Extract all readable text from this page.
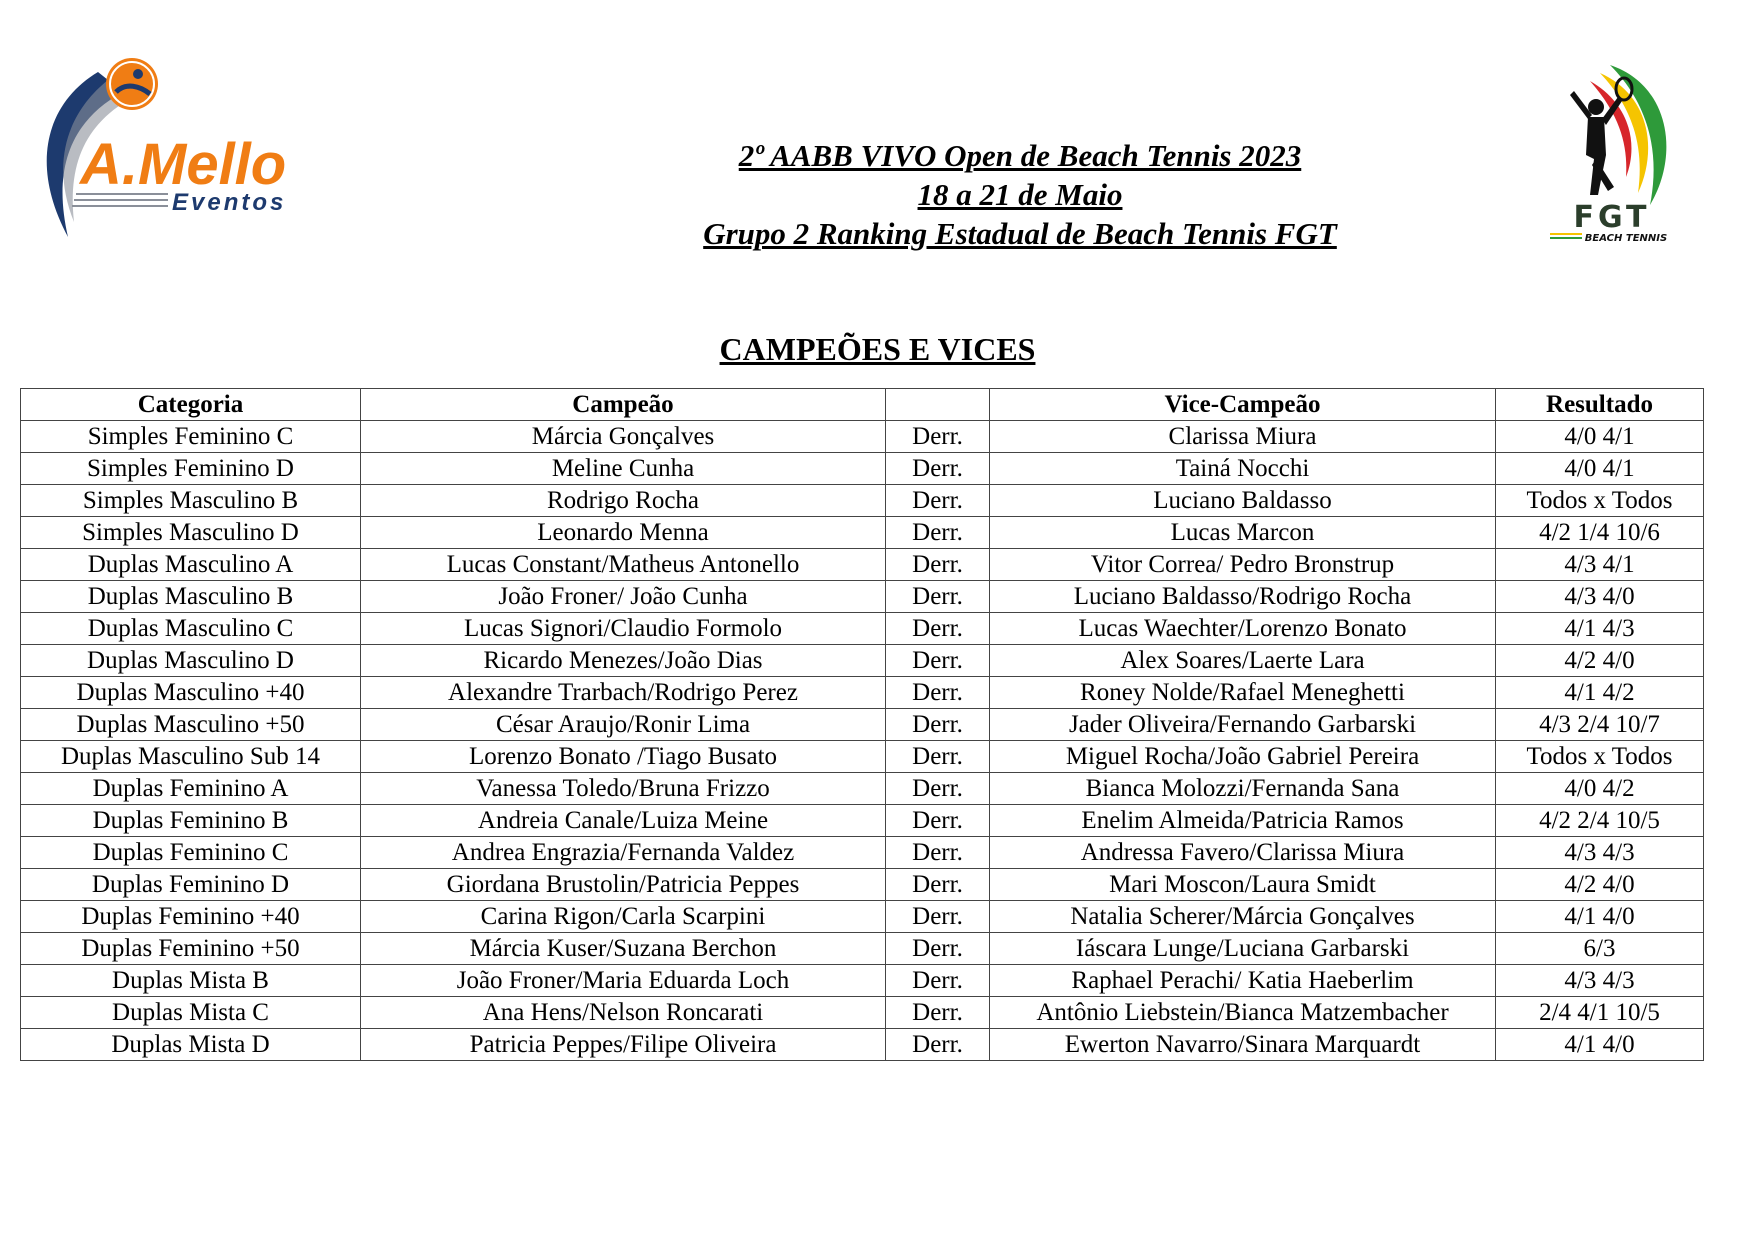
A.Mello
Eventos	FGT
BEACH TENNIS
2º AABB VIVO Open de Beach Tennis 2023
18 a 21 de Maio
Grupo 2 Ranking Estadual de Beach Tennis FGT
CAMPEÕES E VICES
Categoria	Campeão		Vice-Campeão	Resultado
Simples Feminino C	Márcia Gonçalves	Derr.	Clarissa Miura	4/0 4/1
Simples Feminino D	Meline Cunha	Derr.	Tainá Nocchi	4/0 4/1
Simples Masculino B	Rodrigo Rocha	Derr.	Luciano Baldasso	Todos x Todos
Simples Masculino D	Leonardo Menna	Derr.	Lucas Marcon	4/2 1/4 10/6
Duplas Masculino A	Lucas Constant/Matheus Antonello	Derr.	Vitor Correa/ Pedro Bronstrup	4/3 4/1
Duplas Masculino B	João Froner/ João Cunha	Derr.	Luciano Baldasso/Rodrigo Rocha	4/3 4/0
Duplas Masculino C	Lucas Signori/Claudio Formolo	Derr.	Lucas Waechter/Lorenzo Bonato	4/1 4/3
Duplas Masculino D	Ricardo Menezes/João Dias	Derr.	Alex Soares/Laerte Lara	4/2 4/0
Duplas Masculino +40	Alexandre Trarbach/Rodrigo Perez	Derr.	Roney Nolde/Rafael Meneghetti	4/1 4/2
Duplas Masculino +50	César Araujo/Ronir Lima	Derr.	Jader Oliveira/Fernando Garbarski	4/3 2/4 10/7
Duplas Masculino Sub 14	Lorenzo Bonato /Tiago Busato	Derr.	Miguel Rocha/João Gabriel Pereira	Todos x Todos
Duplas Feminino A	Vanessa Toledo/Bruna Frizzo	Derr.	Bianca Molozzi/Fernanda Sana	4/0 4/2
Duplas Feminino B	Andreia Canale/Luiza Meine	Derr.	Enelim Almeida/Patricia Ramos	4/2 2/4 10/5
Duplas Feminino C	Andrea Engrazia/Fernanda Valdez	Derr.	Andressa Favero/Clarissa Miura	4/3 4/3
Duplas Feminino D	Giordana Brustolin/Patricia Peppes	Derr.	Mari Moscon/Laura Smidt	4/2 4/0
Duplas Feminino +40	Carina Rigon/Carla Scarpini	Derr.	Natalia Scherer/Márcia Gonçalves	4/1 4/0
Duplas Feminino +50	Márcia Kuser/Suzana Berchon	Derr.	Iáscara Lunge/Luciana Garbarski	6/3
Duplas Mista B	João Froner/Maria Eduarda Loch	Derr.	Raphael Perachi/ Katia Haeberlim	4/3 4/3
Duplas Mista C	Ana Hens/Nelson Roncarati	Derr.	Antônio Liebstein/Bianca Matzembacher	2/4 4/1 10/5
Duplas Mista D	Patricia Peppes/Filipe Oliveira	Derr.	Ewerton Navarro/Sinara Marquardt	4/1 4/0
